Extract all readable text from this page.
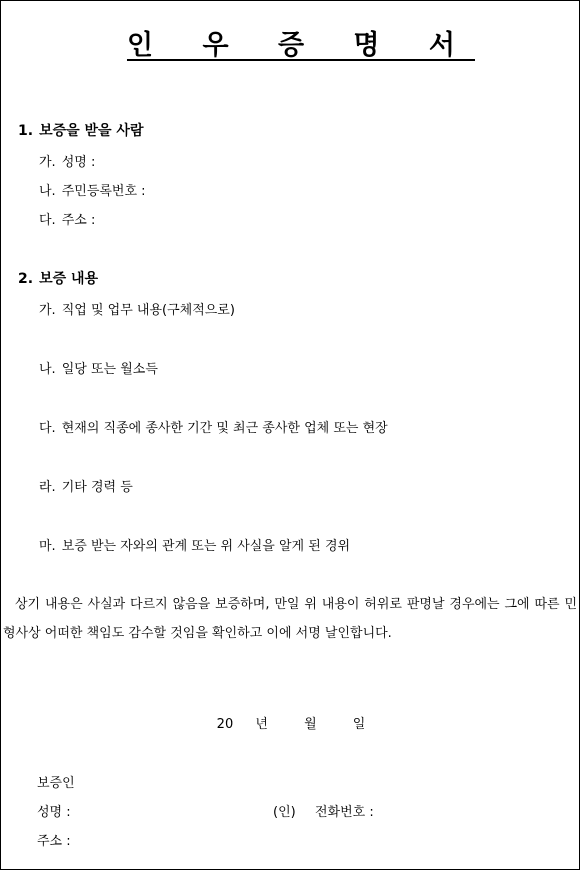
인 우 증 명 서
1. 보증을 받을 사람
가. 성명 :
나. 주민등록번호 :
다. 주소 :
2. 보증 내용
가. 직업 및 업무 내용(구체적으로)
나. 일당 또는 월소득
다. 현재의 직종에 종사한 기간 및 최근 종사한 업체 또는 현장
라. 기타 경력 등
마. 보증 받는 자와의 관계 또는 위 사실을 알게 된 경위
상기 내용은 사실과 다르지 않음을 보증하며, 만일 위 내용이 허위로 판명날 경우에는 그에 따른 민형사상 어떠한 책임도 감수할 것임을 확인하고 이에 서명 날인합니다.
20 년	월	일
보증인
성명 :	(인) 전화번호 :
주소 :
